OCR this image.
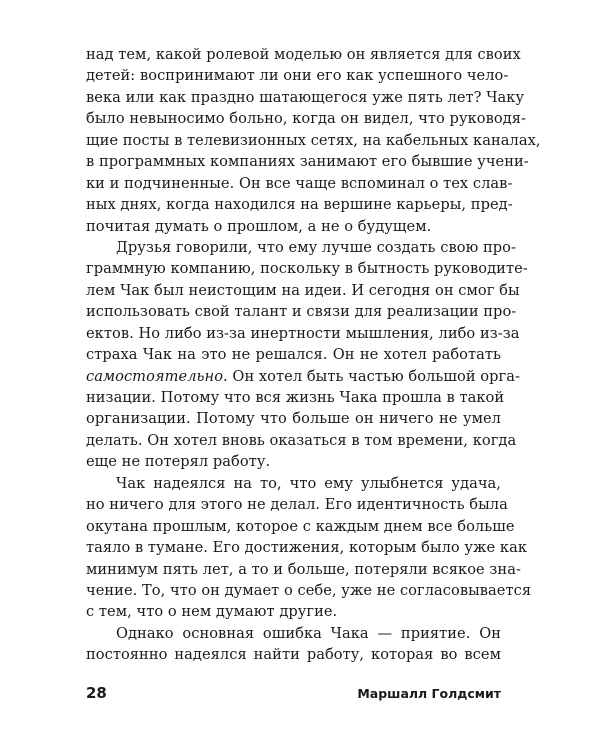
над тем, какой ролевой моделью он является для своих
детей: воспринимают ли они его как успешного чело-
века или как праздно шатающегося уже пять лет? Чаку
было невыносимо больно, когда он видел, что руководя-
щие посты в телевизионных сетях, на кабельных каналах,
в программных компаниях занимают его бывшие учени-
ки и подчиненные. Он все чаще вспоминал о тех слав-
ных днях, когда находился на вершине карьеры, пред-
почитая думать о прошлом, а не о будущем.
Друзья говорили, что ему лучше создать свою про-
граммную компанию, поскольку в бытность руководите-
лем Чак был неистощим на идеи. И сегодня он смог бы
использовать свой талант и связи для реализации про-
ектов. Но либо из-за инертности мышления, либо из-за
страха Чак на это не решался. Он не хотел работать
самостоятельно. Он хотел быть частью большой орга-
низации. Потому что вся жизнь Чака прошла в такой
организации. Потому что больше он ничего не умел
делать. Он хотел вновь оказаться в том времени, когда
еще не потерял работу.
Чак надеялся на то, что ему улыбнется удача,
но ничего для этого не делал. Его идентичность была
окутана прошлым, которое с каждым днем все больше
таяло в тумане. Его достижения, которым было уже как
минимум пять лет, а то и больше, потеряли всякое зна-
чение. То, что он думает о себе, уже не согласовывается
с тем, что о нем думают другие.
Однако основная ошибка Чака — приятие. Он
постоянно надеялся найти работу, которая во всем
28	Маршалл Голдсмит
